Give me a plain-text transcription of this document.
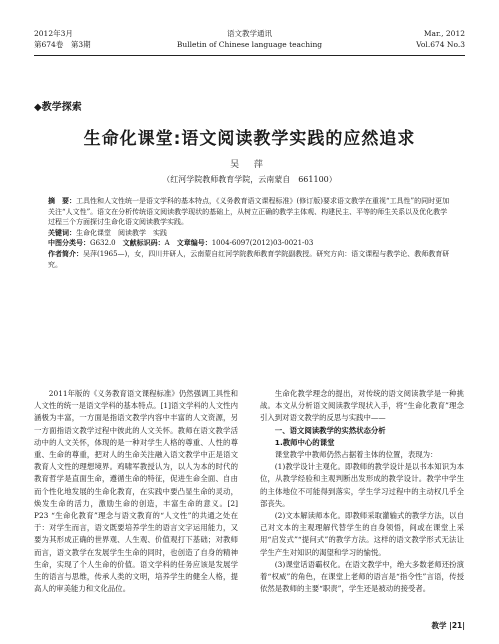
2012年3月	语文教学通讯	Mar., 2012
第674卷　第3期	Bulletin of Chinese language teaching	Vol.674 No.3
◆教学探索
生命化课堂:语文阅读教学实践的应然追求
吴 萍
（红河学院教师教育学院，云南蒙自　661100）

摘　要：工具性和人文性统一是语文学科的基本特点，《义务教育语文课程标准》(修订版)要求语文教学在重视“工具性”的同时更加关注“人文性”。语文在分析传统语文阅读教学现状的基础上，从树立正确的教学主体观、构建民主、平等的师生关系以及优化教学过程三个方面探讨生命化语文阅读教学实践。

关键词：生命化课堂　阅读教学　实践

中图分类号：G632.0　 文献标识码：A　 文章编号：1004-6097(2012)03-0021-03

作者简介：吴萍(1965—)，女，四川井研人，云南蒙自红河学院教师教育学院副教授。研究方向：语文课程与教学论、教师教育研究。

2011年版的《义务教育语文课程标准》仍然强调工具性和人文性的统一是语文学科的基本特点。[1]语文学科的人文性内涵极为丰富，一方面是指语文教学内容中丰富的人文资源，另一方面指语文教学过程中彼此的人文关怀。教师在语文教学活动中的人文关怀，体现的是一种对学生人格的尊重、人性的尊重、生命的尊重，把对人的生命关注融入语文教学中正是语文教育人文性的理想境界。鸡啸军教授认为，以人为本的时代的教育哲学是直面生命，遵循生命的特征，促进生命全面、自由而个性化地发展的生命化教育，在实践中要凸显生命的灵动，焕发生命的活力，激励生命的创造，丰富生命的意义。[2] P23 “生命化教育”理念与语文教育的“人文性”的共通之处在于：对学生而言，语文既要培养学生的语言文字运用能力，又要为其形成正确的世界观、人生观、价值观打下基础；对教师而言，语文教学在发展学生生命的同时，也创造了自身的精神生命，实现了个人生命的价值。语文学科的任务应该是发展学生的语言与思维，传承人类的文明，培养学生的健全人格，提高人的审美能力和文化品位。

生命化教学理念的提出，对传统的语文阅读教学是一种挑战。本文从分析语文阅读教学现状入手，将“生命化教育”理念引入到对语文教学的反思与实践中——

一、语文阅读教学的实然状态分析

1.教师中心的课堂

课堂教学中教师仍然占据着主体的位置，表现为：

(1)教学设计主观化。即教师的教学设计是以书本知识为本位，从教学经验和主观判断出发形成的教学设计。教学中学生的主体地位不可能得到落实，学生学习过程中的主动权几乎全部丧失。

(2)文本解读师本化。即教师采取灌输式的教学方法，以自己对文本的主观理解代替学生的自身领悟，间或在课堂上采用“启发式”“提问式”的教学方法。这样的语文教学形式无法让学生产生对知识的渴望和学习的愉悦。

(3)课堂话语霸权化。在语文教学中，绝大多数老师还扮演着“权威”的角色，在课堂上老师的语言是“指令性”言语，传授依然是教师的主要“职责”，学生还是被动的接受者。

教学 |21|
